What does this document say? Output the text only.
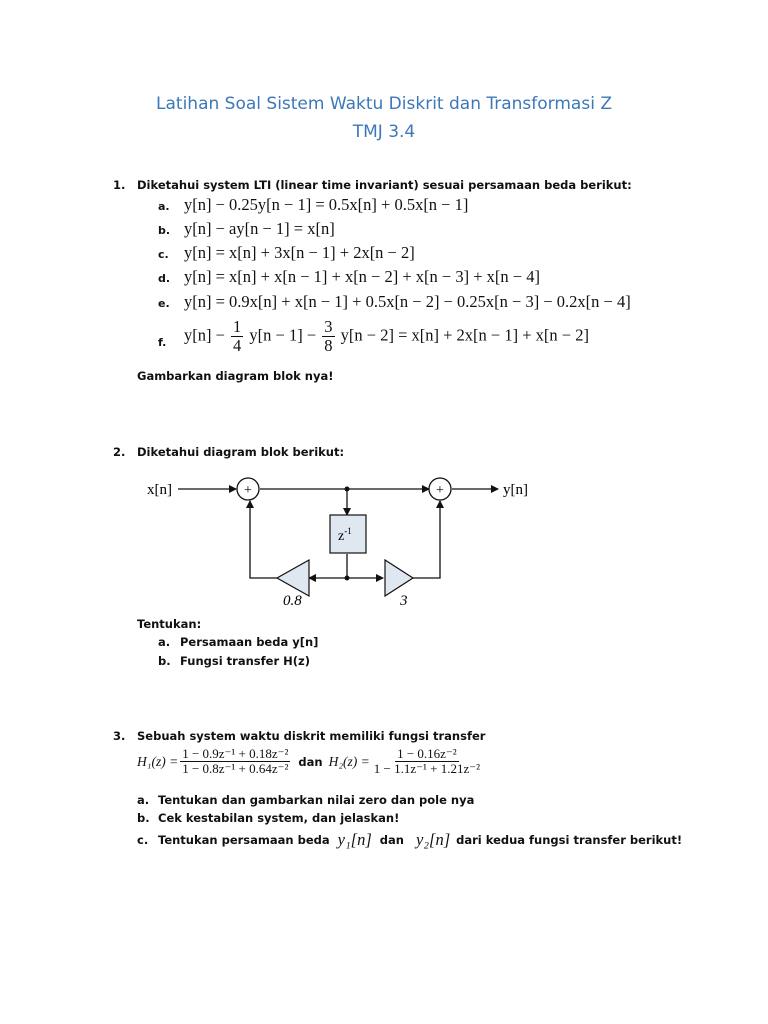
Latihan Soal Sistem Waktu Diskrit dan Transformasi Z
TMJ 3.4
1. Diketahui system LTI (linear time invariant) sesuai persamaan beda berikut:
a. y[n] − 0.25y[n − 1] = 0.5x[n] + 0.5x[n − 1]
b. y[n] − ay[n − 1] = x[n]
c. y[n] = x[n] + 3x[n − 1] + 2x[n − 2]
d. y[n] = x[n] + x[n − 1] + x[n − 2] + x[n − 3] + x[n − 4]
e. y[n] = 0.9x[n] + x[n − 1] + 0.5x[n − 2] − 0.25x[n − 3] − 0.2x[n − 4]
f. $y[n] - \frac{1}{4} y[n - 1] - \frac{3}{8} y[n - 2] = x[n] + 2x[n - 1] + x[n - 2]$
Gambarkan diagram blok nya!
2. Diketahui diagram blok berikut:
+	+
$z^{-1}$
0.8	3
x[n]	y[n]
Tentukan:
a. Persamaan beda y[n]
b. Fungsi transfer H(z)
3. Sebuah system waktu diskrit memiliki fungsi transfer
$H_1(z) = \frac{\text{1 − 0.9z⁻¹ + 0.18z⁻²}}{\text{1 − 0.8z⁻¹ + 0.64z⁻²}}$ dan $H_2(z) = \frac{\text{1 − 0.16z⁻²}}{\text{1 − 1.1z⁻¹ + 1.21z⁻²}}$
a. Tentukan dan gambarkan nilai zero dan pole nya
b. Cek kestabilan system, dan jelaskan!
c. Tentukan persamaan beda y₁[n] dan y₂[n] dari kedua fungsi transfer berikut!
